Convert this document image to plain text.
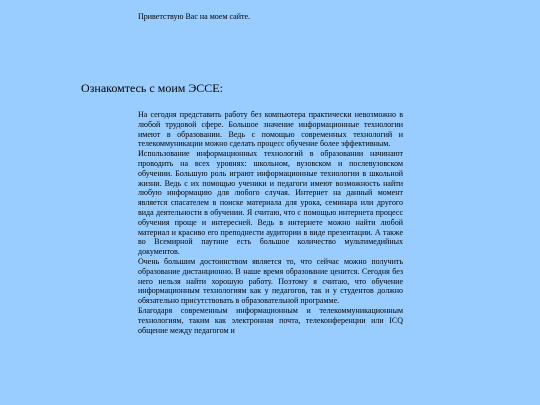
Приветствую Вас на моем сайте.
Ознакомтесь с моим ЭССЕ:

На сегодня представить работу без компьютера практически невозможно в любой трудовой сфере. Большое значение информационные технологии имеют в образовании. Ведь с помощью современных технологий и телекоммуникации можно сделать процесс обучение более эффективным.

Использование информационных технологий в образовании начинают проводить на всех уровнях: школьном, вузовском и послевузовском обучении. Большую роль играют информационные технологии в школьной жизни. Ведь с их помощью ученики и педагоги имеют возможность найти любую информацию для любого случая. Интернет на данный момент является спасателем в поиске материала для урока, семинара или другого вида деятельности в обучении. Я считаю, что с помощью интернета процесс обучения проще и интересней. Ведь в интернете можно найти любой материал и красиво его преподнести аудитории в виде презентации. А также во Всемирной паутине есть большое количество мультимедийных документов.

Очень большим достоинством является то, что сейчас можно получить образование дистанционно. В наше время образование ценится. Сегодня без него нельзя найти хорошую работу. Поэтому я считаю, что обучение информационным технологиям как у педагогов, так и у студентов должно обязательно присутствовать в образовательной программе.

Благодаря современным информационным и телекоммуникационным технологиям, таким как электронная почта, телеконференции или ICQ общение между педагогом и
